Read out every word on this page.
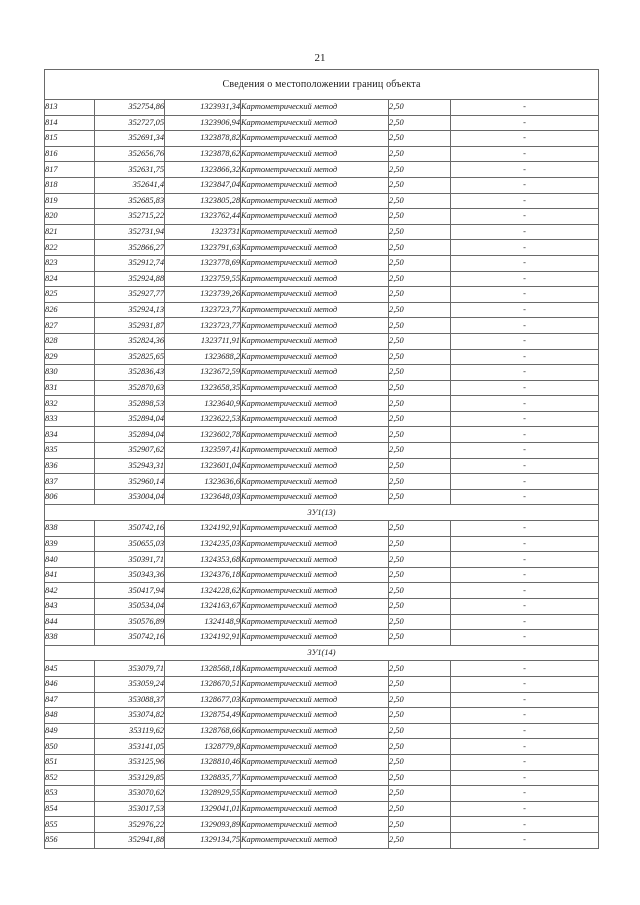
21
Сведения о местоположении границ объекта					
813	352754,86	1323931,34	Картометрический метод	2,50	-
814	352727,05	1323906,94	Картометрический метод	2,50	-
815	352691,34	1323878,82	Картометрический метод	2,50	-
816	352656,76	1323878,62	Картометрический метод	2,50	-
817	352631,75	1323866,32	Картометрический метод	2,50	-
818	352641,4	1323847,04	Картометрический метод	2,50	-
819	352685,83	1323805,28	Картометрический метод	2,50	-
820	352715,22	1323762,44	Картометрический метод	2,50	-
821	352731,94	1323731	Картометрический метод	2,50	-
822	352866,27	1323791,63	Картометрический метод	2,50	-
823	352912,74	1323778,69	Картометрический метод	2,50	-
824	352924,88	1323759,55	Картометрический метод	2,50	-
825	352927,77	1323739,26	Картометрический метод	2,50	-
826	352924,13	1323723,77	Картометрический метод	2,50	-
827	352931,87	1323723,77	Картометрический метод	2,50	-
828	352824,36	1323711,91	Картометрический метод	2,50	-
829	352825,65	1323688,2	Картометрический метод	2,50	-
830	352836,43	1323672,59	Картометрический метод	2,50	-
831	352870,63	1323658,35	Картометрический метод	2,50	-
832	352898,53	1323640,9	Картометрический метод	2,50	-
833	352894,04	1323622,53	Картометрический метод	2,50	-
834	352894,04	1323602,78	Картометрический метод	2,50	-
835	352907,62	1323597,41	Картометрический метод	2,50	-
836	352943,31	1323601,04	Картометрический метод	2,50	-
837	352960,14	1323636,6	Картометрический метод	2,50	-
806	353004,04	1323648,03	Картометрический метод	2,50	-
3У1(13)					
838	350742,16	1324192,91	Картометрический метод	2,50	-
839	350655,03	1324235,03	Картометрический метод	2,50	-
840	350391,71	1324353,68	Картометрический метод	2,50	-
841	350343,36	1324376,18	Картометрический метод	2,50	-
842	350417,94	1324228,62	Картометрический метод	2,50	-
843	350534,04	1324163,67	Картометрический метод	2,50	-
844	350576,89	1324148,9	Картометрический метод	2,50	-
838	350742,16	1324192,91	Картометрический метод	2,50	-
3У1(14)					
845	353079,71	1328568,18	Картометрический метод	2,50	-
846	353059,24	1328670,51	Картометрический метод	2,50	-
847	353088,37	1328677,03	Картометрический метод	2,50	-
848	353074,82	1328754,49	Картометрический метод	2,50	-
849	353119,62	1328768,66	Картометрический метод	2,50	-
850	353141,05	1328779,8	Картометрический метод	2,50	-
851	353125,96	1328810,46	Картометрический метод	2,50	-
852	353129,85	1328835,77	Картометрический метод	2,50	-
853	353070,62	1328929,55	Картометрический метод	2,50	-
854	353017,53	1329041,01	Картометрический метод	2,50	-
855	352976,22	1329093,89	Картометрический метод	2,50	-
856	352941,88	1329134,75	Картометрический метод	2,50	-
